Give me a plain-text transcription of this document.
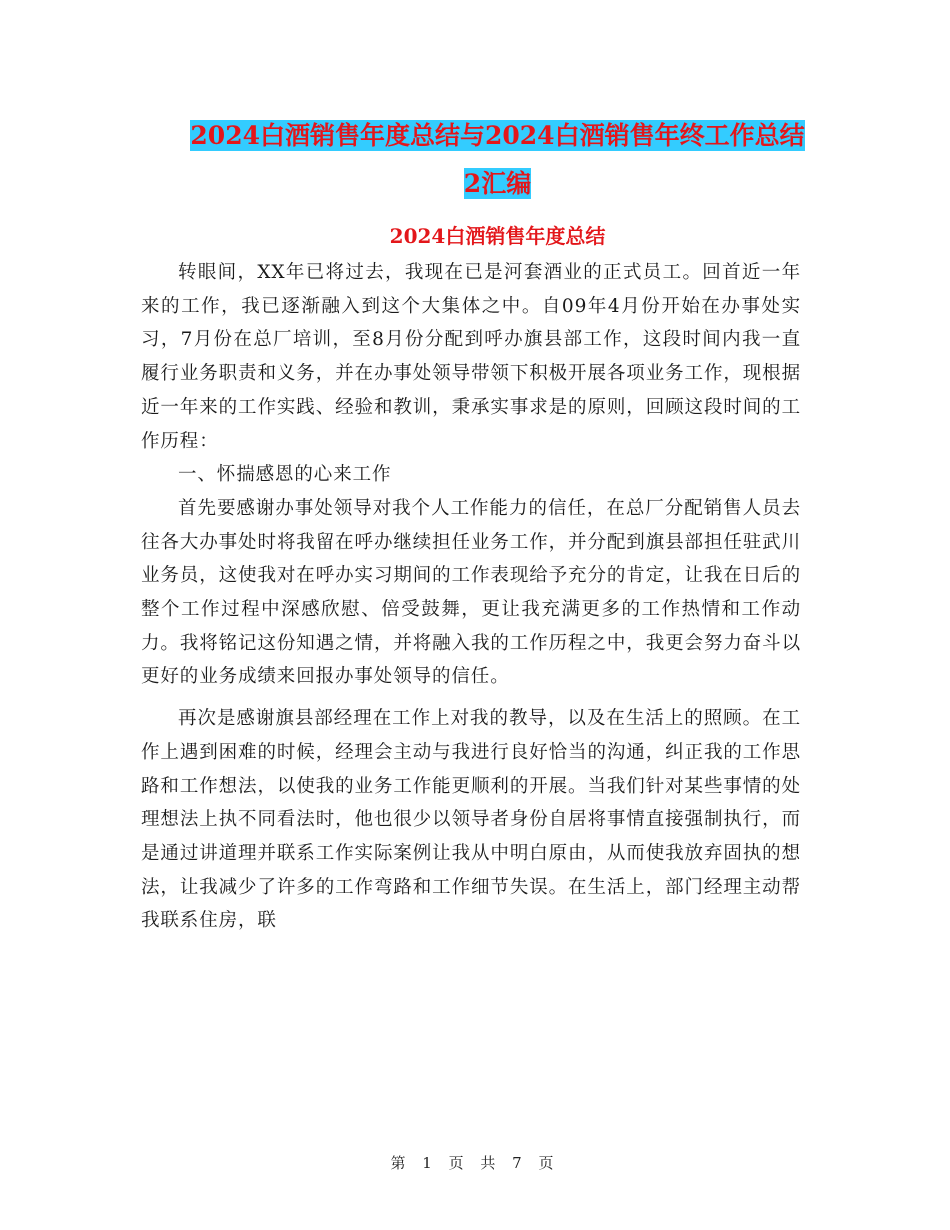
2024白酒销售年度总结与2024白酒销售年终工作总结
2汇编
2024白酒销售年度总结

转眼间，XX年已将过去，我现在已是河套酒业的正式员工。回首近一年来的工作，我已逐渐融入到这个大集体之中。自09年4月份开始在办事处实习，7月份在总厂培训，至8月份分配到呼办旗县部工作，这段时间内我一直履行业务职责和义务，并在办事处领导带领下积极开展各项业务工作，现根据近一年来的工作实践、经验和教训，秉承实事求是的原则，回顾这段时间的工作历程：

一、怀揣感恩的心来工作

首先要感谢办事处领导对我个人工作能力的信任，在总厂分配销售人员去往各大办事处时将我留在呼办继续担任业务工作，并分配到旗县部担任驻武川业务员，这使我对在呼办实习期间的工作表现给予充分的肯定，让我在日后的整个工作过程中深感欣慰、倍受鼓舞，更让我充满更多的工作热情和工作动力。我将铭记这份知遇之情，并将融入我的工作历程之中，我更会努力奋斗以更好的业务成绩来回报办事处领导的信任。

再次是感谢旗县部经理在工作上对我的教导，以及在生活上的照顾。在工作上遇到困难的时候，经理会主动与我进行良好恰当的沟通，纠正我的工作思路和工作想法，以使我的业务工作能更顺利的开展。当我们针对某些事情的处理想法上执不同看法时，他也很少以领导者身份自居将事情直接强制执行，而是通过讲道理并联系工作实际案例让我从中明白原由，从而使我放弃固执的想法，让我减少了许多的工作弯路和工作细节失误。在生活上，部门经理主动帮我联系住房，联

第 1 页 共 7 页
